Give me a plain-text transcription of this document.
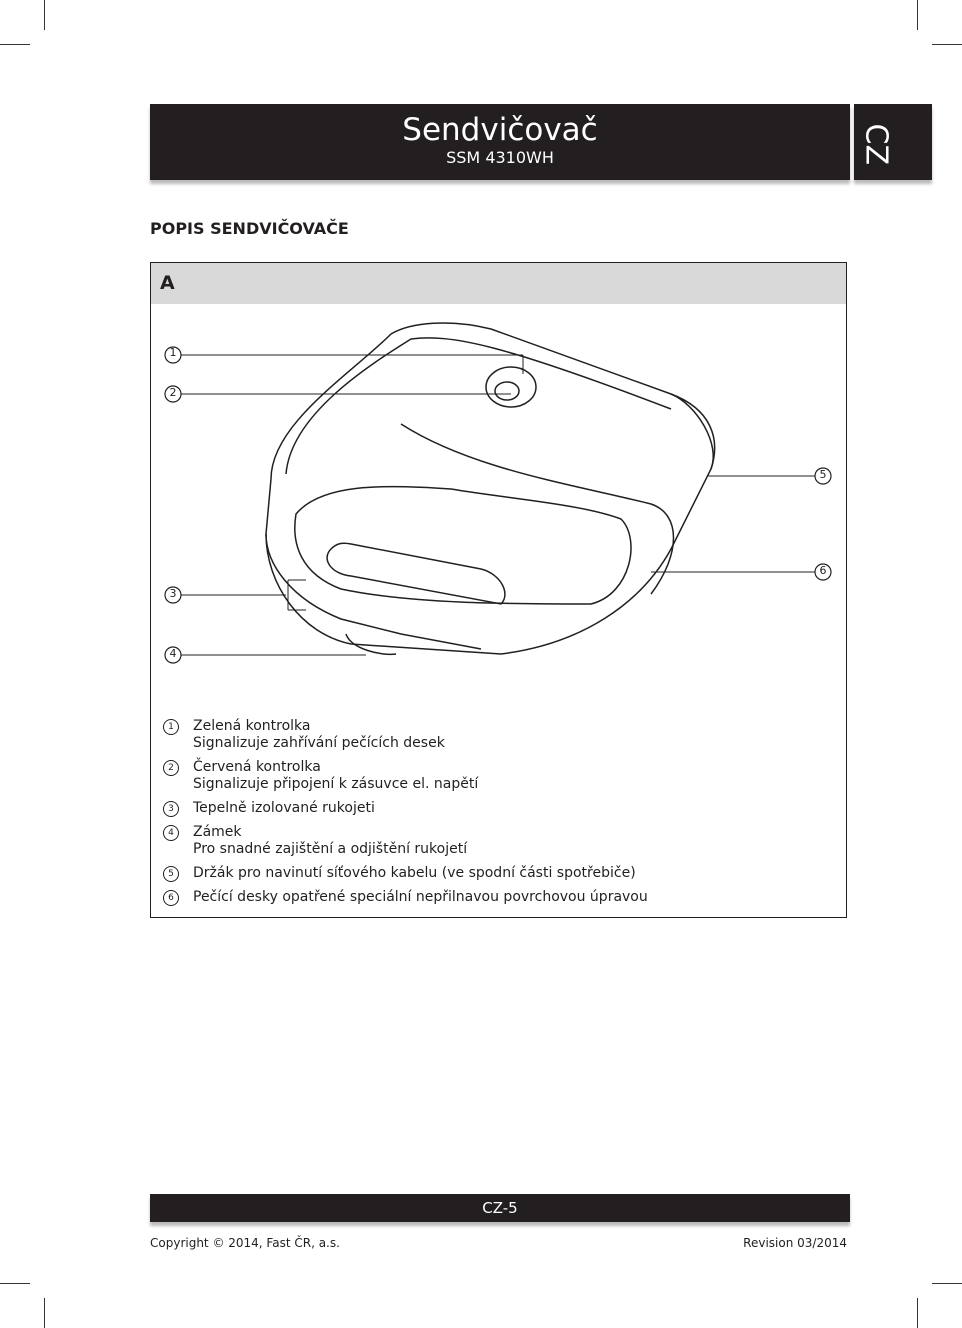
Sendvičovač
SSM 4310WH	CZ
POPIS SENDVIČOVAČE
A
1
2
3
4
5
6
1	Zelená kontrolka
Signalizuje zahřívání pečících desek
2	Červená kontrolka
Signalizuje připojení k zásuvce el. napětí
3	Tepelně izolované rukojeti
4	Zámek
Pro snadné zajištění a odjištění rukojetí
5	Držák pro navinutí síťového kabelu (ve spodní části spotřebiče)
6	Pečící desky opatřené speciální nepřilnavou povrchovou úpravou
CZ-5
Copyright © 2014, Fast ČR, a.s.	Revision 03/2014
